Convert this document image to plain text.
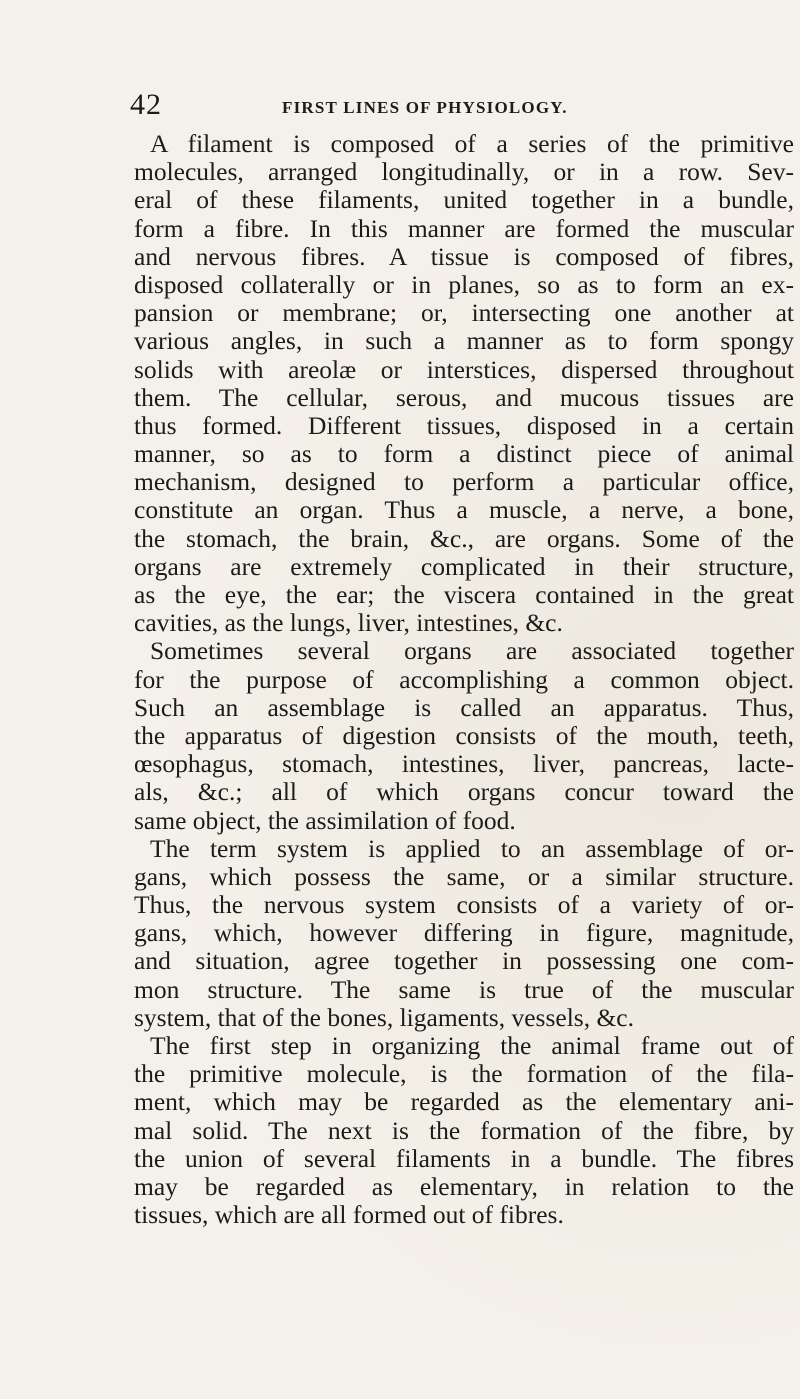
42	FIRST LINES OF PHYSIOLOGY.
A filament is composed of a series of the primitive
molecules, arranged longitudinally, or in a row. Sev-
eral of these filaments, united together in a bundle,
form a fibre. In this manner are formed the muscular
and nervous fibres. A tissue is composed of fibres,
disposed collaterally or in planes, so as to form an ex-
pansion or membrane; or, intersecting one another at
various angles, in such a manner as to form spongy
solids with areolæ or interstices, dispersed throughout
them. The cellular, serous, and mucous tissues are
thus formed. Different tissues, disposed in a certain
manner, so as to form a distinct piece of animal
mechanism, designed to perform a particular office,
constitute an organ. Thus a muscle, a nerve, a bone,
the stomach, the brain, &c., are organs. Some of the
organs are extremely complicated in their structure,
as the eye, the ear; the viscera contained in the great
cavities, as the lungs, liver, intestines, &c.
Sometimes several organs are associated together
for the purpose of accomplishing a common object.
Such an assemblage is called an apparatus. Thus,
the apparatus of digestion consists of the mouth, teeth,
œsophagus, stomach, intestines, liver, pancreas, lacte-
als, &c.; all of which organs concur toward the
same object, the assimilation of food.
The term system is applied to an assemblage of or-
gans, which possess the same, or a similar structure.
Thus, the nervous system consists of a variety of or-
gans, which, however differing in figure, magnitude,
and situation, agree together in possessing one com-
mon structure. The same is true of the muscular
system, that of the bones, ligaments, vessels, &c.
The first step in organizing the animal frame out of
the primitive molecule, is the formation of the fila-
ment, which may be regarded as the elementary ani-
mal solid. The next is the formation of the fibre, by
the union of several filaments in a bundle. The fibres
may be regarded as elementary, in relation to the
tissues, which are all formed out of fibres.
